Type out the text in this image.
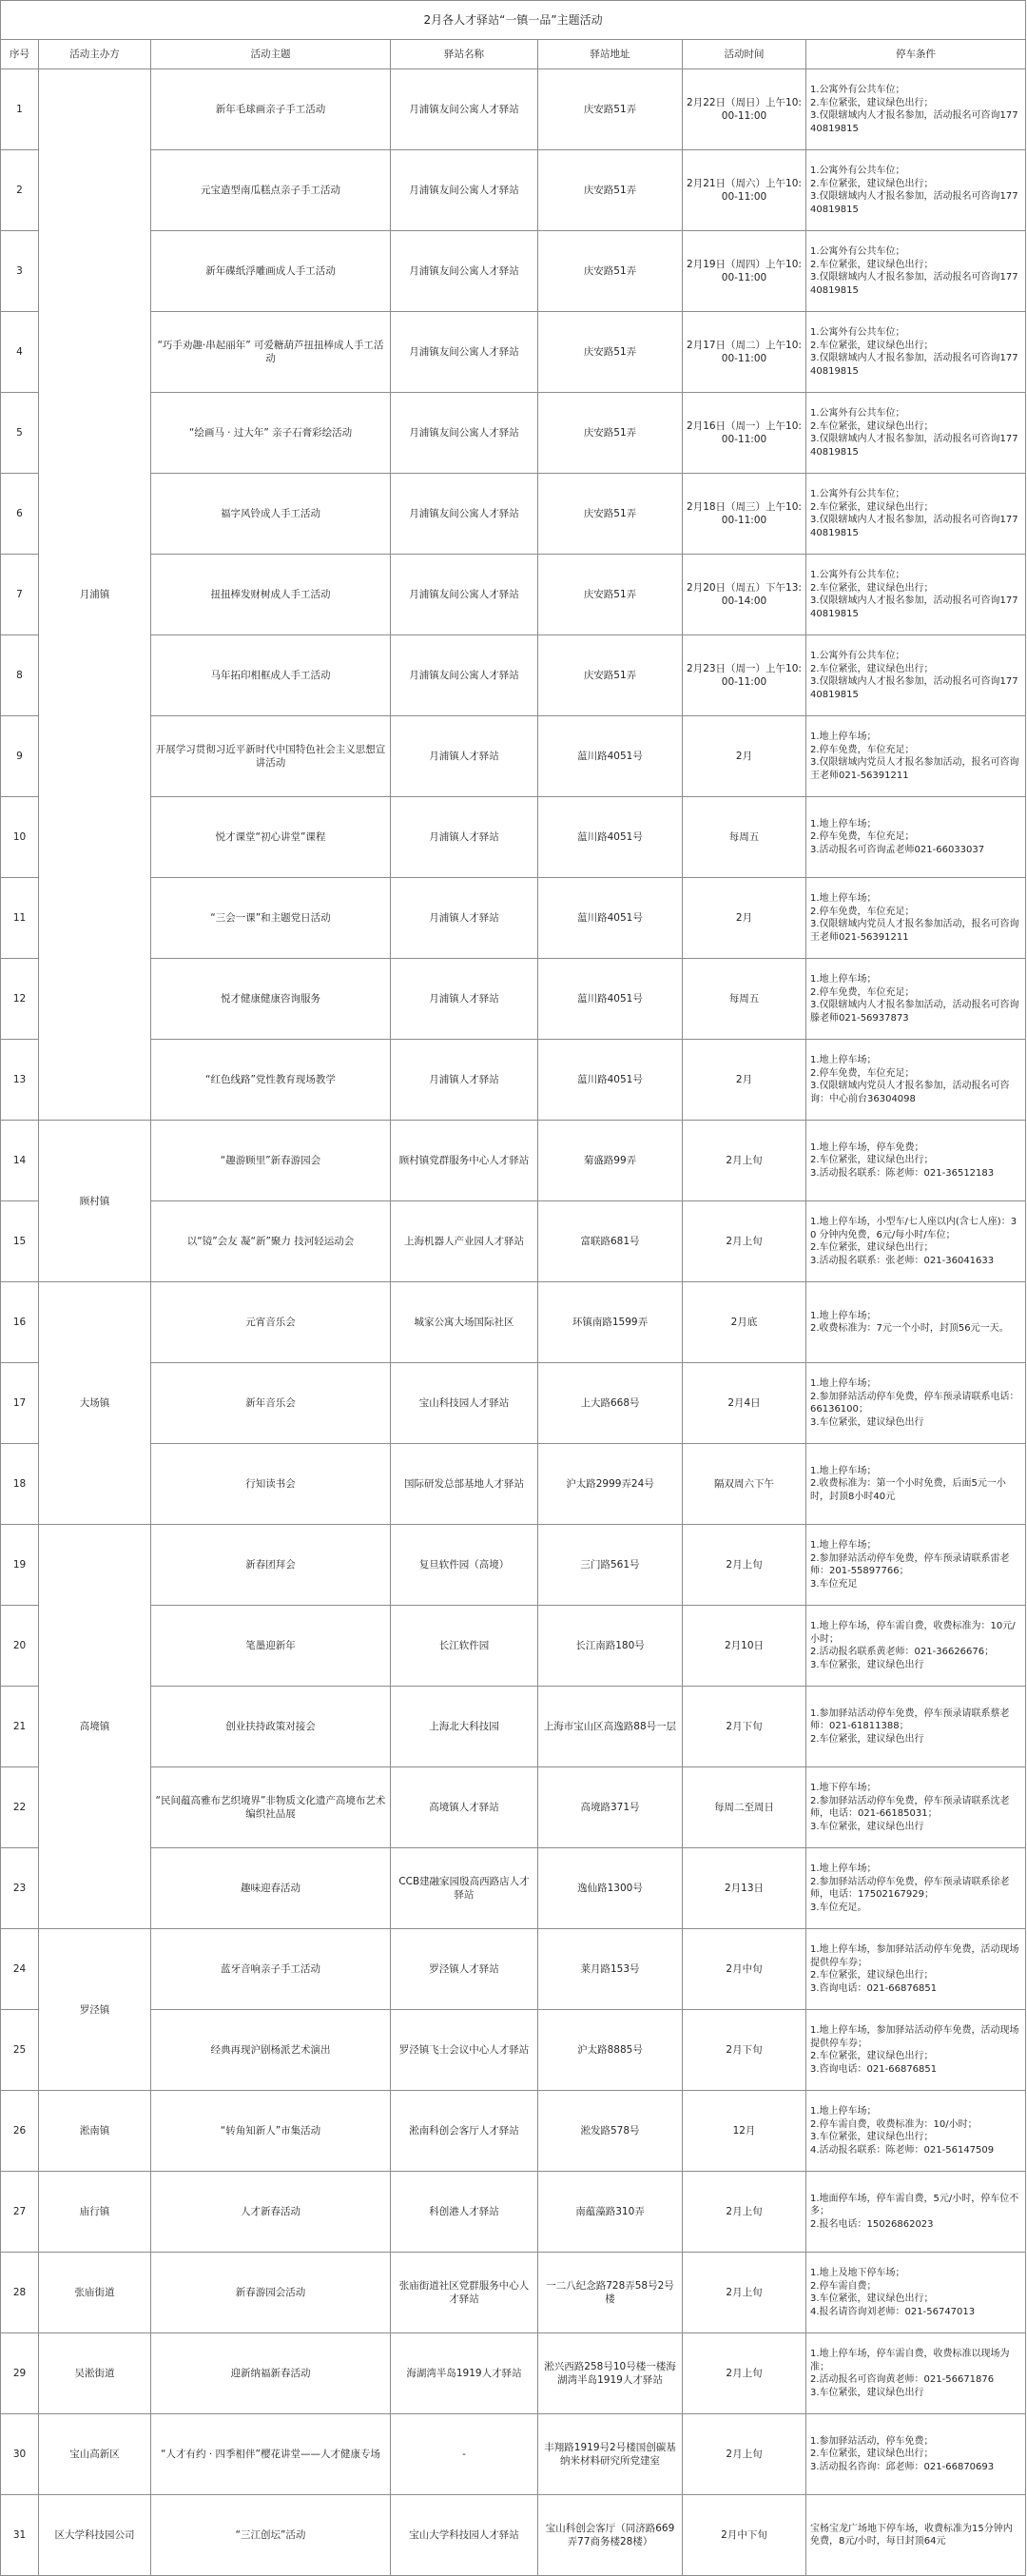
2月各人才驿站“一镇一品”主题活动						
序号	活动主办方	活动主题	驿站名称	驿站地址	活动时间	停车条件
1	月浦镇	新年毛球画亲子手工活动	月浦镇友间公寓人才驿站	庆安路51弄	2月22日（周日）上午10:00-11:00	1.公寓外有公共车位；
2.车位紧张，建议绿色出行；
3.仅限辖域内人才报名参加，活动报名可咨询17740819815
2		元宝造型南瓜糕点亲子手工活动	月浦镇友间公寓人才驿站	庆安路51弄	2月21日（周六）上午10:00-11:00	1.公寓外有公共车位；
2.车位紧张，建议绿色出行；
3.仅限辖域内人才报名参加，活动报名可咨询17740819815
3		新年碟纸浮雕画成人手工活动	月浦镇友间公寓人才驿站	庆安路51弄	2月19日（周四）上午10:00-11:00	1.公寓外有公共车位；
2.车位紧张，建议绿色出行；
3.仅限辖域内人才报名参加，活动报名可咨询17740819815
4		“巧手劝趣·串起丽年” 可爱糖葫芦扭扭棒成人手工活动	月浦镇友间公寓人才驿站	庆安路51弄	2月17日（周二）上午10:00-11:00	1.公寓外有公共车位；
2.车位紧张，建议绿色出行；
3.仅限辖域内人才报名参加，活动报名可咨询17740819815
5		“绘画马 · 过大年” 亲子石膏彩绘活动	月浦镇友间公寓人才驿站	庆安路51弄	2月16日（周一）上午10:00-11:00	1.公寓外有公共车位；
2.车位紧张，建议绿色出行；
3.仅限辖域内人才报名参加，活动报名可咨询17740819815
6		福字风铃成人手工活动	月浦镇友间公寓人才驿站	庆安路51弄	2月18日（周三）上午10:00-11:00	1.公寓外有公共车位；
2.车位紧张，建议绿色出行；
3.仅限辖域内人才报名参加，活动报名可咨询17740819815
7		扭扭棒发财树成人手工活动	月浦镇友间公寓人才驿站	庆安路51弄	2月20日（周五）下午13:00-14:00	1.公寓外有公共车位；
2.车位紧张，建议绿色出行；
3.仅限辖域内人才报名参加，活动报名可咨询17740819815
8		马年拓印相框成人手工活动	月浦镇友间公寓人才驿站	庆安路51弄	2月23日（周一）上午10:00-11:00	1.公寓外有公共车位；
2.车位紧张，建议绿色出行；
3.仅限辖域内人才报名参加，活动报名可咨询17740819815
9		开展学习贯彻习近平新时代中国特色社会主义思想宣讲活动	月浦镇人才驿站	蕰川路4051号	2月	1.地上停车场；
2.停车免费，车位充足；
3.仅限辖域内党员人才报名参加活动，报名可咨询王老师021-56391211
10		悦才课堂“初心讲堂”课程	月浦镇人才驿站	蕰川路4051号	每周五	1.地上停车场；
2.停车免费，车位充足；
3.活动报名可咨询孟老师021-66033037
11		“三会一课”和主题党日活动	月浦镇人才驿站	蕰川路4051号	2月	1.地上停车场；
2.停车免费，车位充足；
3.仅限辖域内党员人才报名参加活动，报名可咨询王老师021-56391211
12		悦才健康健康咨询服务	月浦镇人才驿站	蕰川路4051号	每周五	1.地上停车场；
2.停车免费，车位充足；
3.仅限辖域内人才报名参加活动，活动报名可咨询滕老师021-56937873
13		“红色线路”党性教育现场教学	月浦镇人才驿站	蕰川路4051号	2月	1.地上停车场；
2.停车免费，车位充足；
3.仅限辖域内党员人才报名参加，活动报名可咨询：中心前台36304098
14	顾村镇	“趣游顾里”新春游园会	顾村镇党群服务中心人才驿站	菊盛路99弄	2月上旬	1.地上停车场，停车免费；
2.车位紧张，建议绿色出行；
3.活动报名联系：陈老师：021-36512183
15		以“镜”会友 凝“新”聚力 技河轻运动会	上海机器人产业园人才驿站	富联路681号	2月上旬	1.地上停车场，小型车/七人座以内(含七人座)：30 分钟内免费，6元/每小时/车位；
2.车位紧张，建议绿色出行；
3.活动报名联系：张老师：021-36041633
16	大场镇	元宵音乐会	城家公寓大场国际社区	环镇南路1599弄	2月底	1.地上停车场；
2.收费标准为：7元一个小时，封顶56元一天。
17		新年音乐会	宝山科技园人才驿站	上大路668号	2月4日	1.地上停车场；
2.参加驿站活动停车免费，停车预录请联系电话：66136100；
3.车位紧张，建议绿色出行
18		行知读书会	国际研发总部基地人才驿站	沪太路2999弄24号	隔双周六下午	1.地上停车场；
2.收费标准为：第一个小时免费，后面5元一小时，封顶8小时40元
19	高境镇	新春团拜会	复旦软件园（高境）	三门路561号	2月上旬	1.地上停车场；
2.参加驿站活动停车免费，停车预录请联系雷老师：201-55897766；
3.车位充足
20		笔墨迎新年	长江软件园	长江南路180号	2月10日	1.地上停车场，停车需自费，收费标准为：10元/小时；
2.活动报名联系黄老师：021-36626676；
3.车位紧张，建议绿色出行
21		创业扶持政策对接会	上海北大科技园	上海市宝山区高逸路88号一层	2月下旬	1.参加驿站活动停车免费，停车预录请联系蔡老师：021-61811388；
2.车位紧张，建议绿色出行
22		“民间蕴高雅布艺织境界”非物质文化遗产高境布艺术编织社品展	高境镇人才驿站	高境路371号	每周二至周日	1.地下停车场；
2.参加驿站活动停车免费，停车预录请联系沈老师，电话：021-66185031；
3.车位紧张，建议绿色出行
23		趣味迎春活动	CCB建融家园殷高西路店人才驿站	逸仙路1300号	2月13日	1.地上停车场；
2.参加驿站活动停车免费，停车预录请联系徐老师，电话：17502167929；
3.车位充足。
24	罗泾镇	蓝牙音响亲子手工活动	罗泾镇人才驿站	莱月路153号	2月中旬	1.地上停车场，参加驿站活动停车免费，活动现场提供停车券；
2.车位紧张，建议绿色出行；
3.咨询电话：021-66876851
25		经典再现沪剧杨派艺术演出	罗泾镇飞士会议中心人才驿站	沪太路8885号	2月下旬	1.地上停车场，参加驿站活动停车免费，活动现场提供停车券；
2.车位紧张，建议绿色出行；
3.咨询电话：021-66876851
26	淞南镇	“转角知新人”市集活动	淞南科创会客厅人才驿站	淞发路578号	12月	1.地上停车场；
2.停车需自费，收费标准为：10/小时；
3.车位紧张，建议绿色出行；
4.活动报名联系：陈老师：021-56147509
27	庙行镇	人才新春活动	科创港人才驿站	南蕴藻路310弄	2月上旬	1.地面停车场，停车需自费，5元/小时，停车位不多；
2.报名电话：15026862023
28	张庙街道	新春游园会活动	张庙街道社区党群服务中心人才驿站	一二八纪念路728弄58号2号楼	2月上旬	1.地上及地下停车场；
2.停车需自费；
3.车位紧张，建议绿色出行；
4.报名请咨询刘老师：021-56747013
29	吴淞街道	迎新纳福新春活动	海湖湾半岛1919人才驿站	淞兴西路258号10号楼一楼海湖湾半岛1919人才驿站	2月上旬	1.地上停车场，停车需自费，收费标准以现场为准；
2.活动报名可咨询黄老师：021-56671876
3.车位紧张，建议绿色出行
30	宝山高新区	“人才有约 · 四季相伴”樱花讲堂——人才健康专场	-	丰翔路1919号2号楼国创碳基纳米材料研究所党建室	2月上旬	1.参加驿站活动，停车免费；
2.车位紧张，建议绿色出行；
3.活动报名咨询：邱老师：021-66870693
31	区大学科技园公司	“三江创坛”活动	宝山大学科技园人才驿站	宝山科创会客厅（同济路669弄77商务楼28楼）	2月中下旬	宝杨宝龙广场地下停车场，收费标准为15分钟内免费，8元/小时，每日封顶64元
